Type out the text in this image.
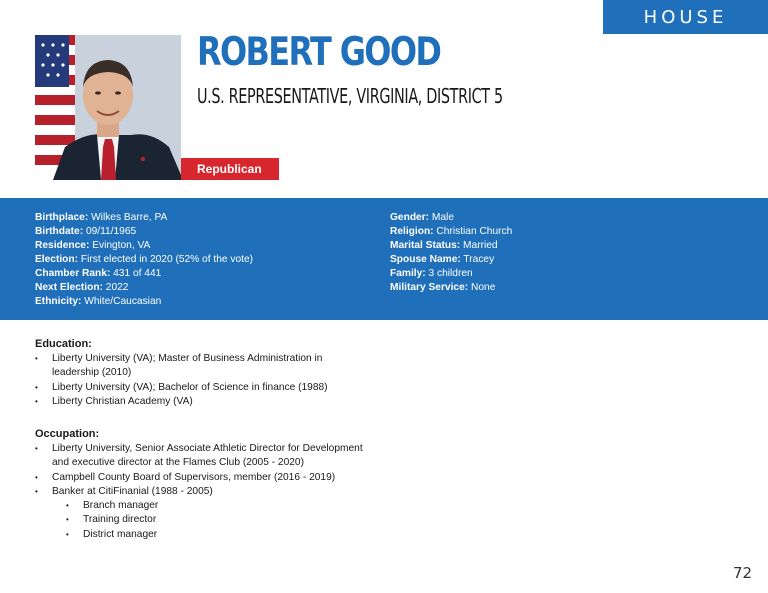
HOUSE
Republican
ROBERT GOOD
U.S. REPRESENTATIVE, VIRGINIA, DISTRICT 5
Birthplace: Wilkes Barre, PA
Birthdate: 09/11/1965
Residence: Evington, VA
Election: First elected in 2020 (52% of the vote)
Chamber Rank: 431 of 441
Next Election: 2022
Ethnicity: White/Caucasian
Gender: Male
Religion: Christian Church
Marital Status: Married
Spouse Name: Tracey
Family: 3 children
Military Service: None
Education:
• Liberty University (VA); Master of Business Administration in leadership (2010)
• Liberty University (VA); Bachelor of Science in finance (1988)
• Liberty Christian Academy (VA)
Occupation:
• Liberty University, Senior Associate Athletic Director for Development and executive director at the Flames Club (2005 - 2020)
• Campbell County Board of Supervisors, member (2016 - 2019)
• Banker at CitiFinanial (1988 - 2005)
• Branch manager
• Training director
• District manager
72
